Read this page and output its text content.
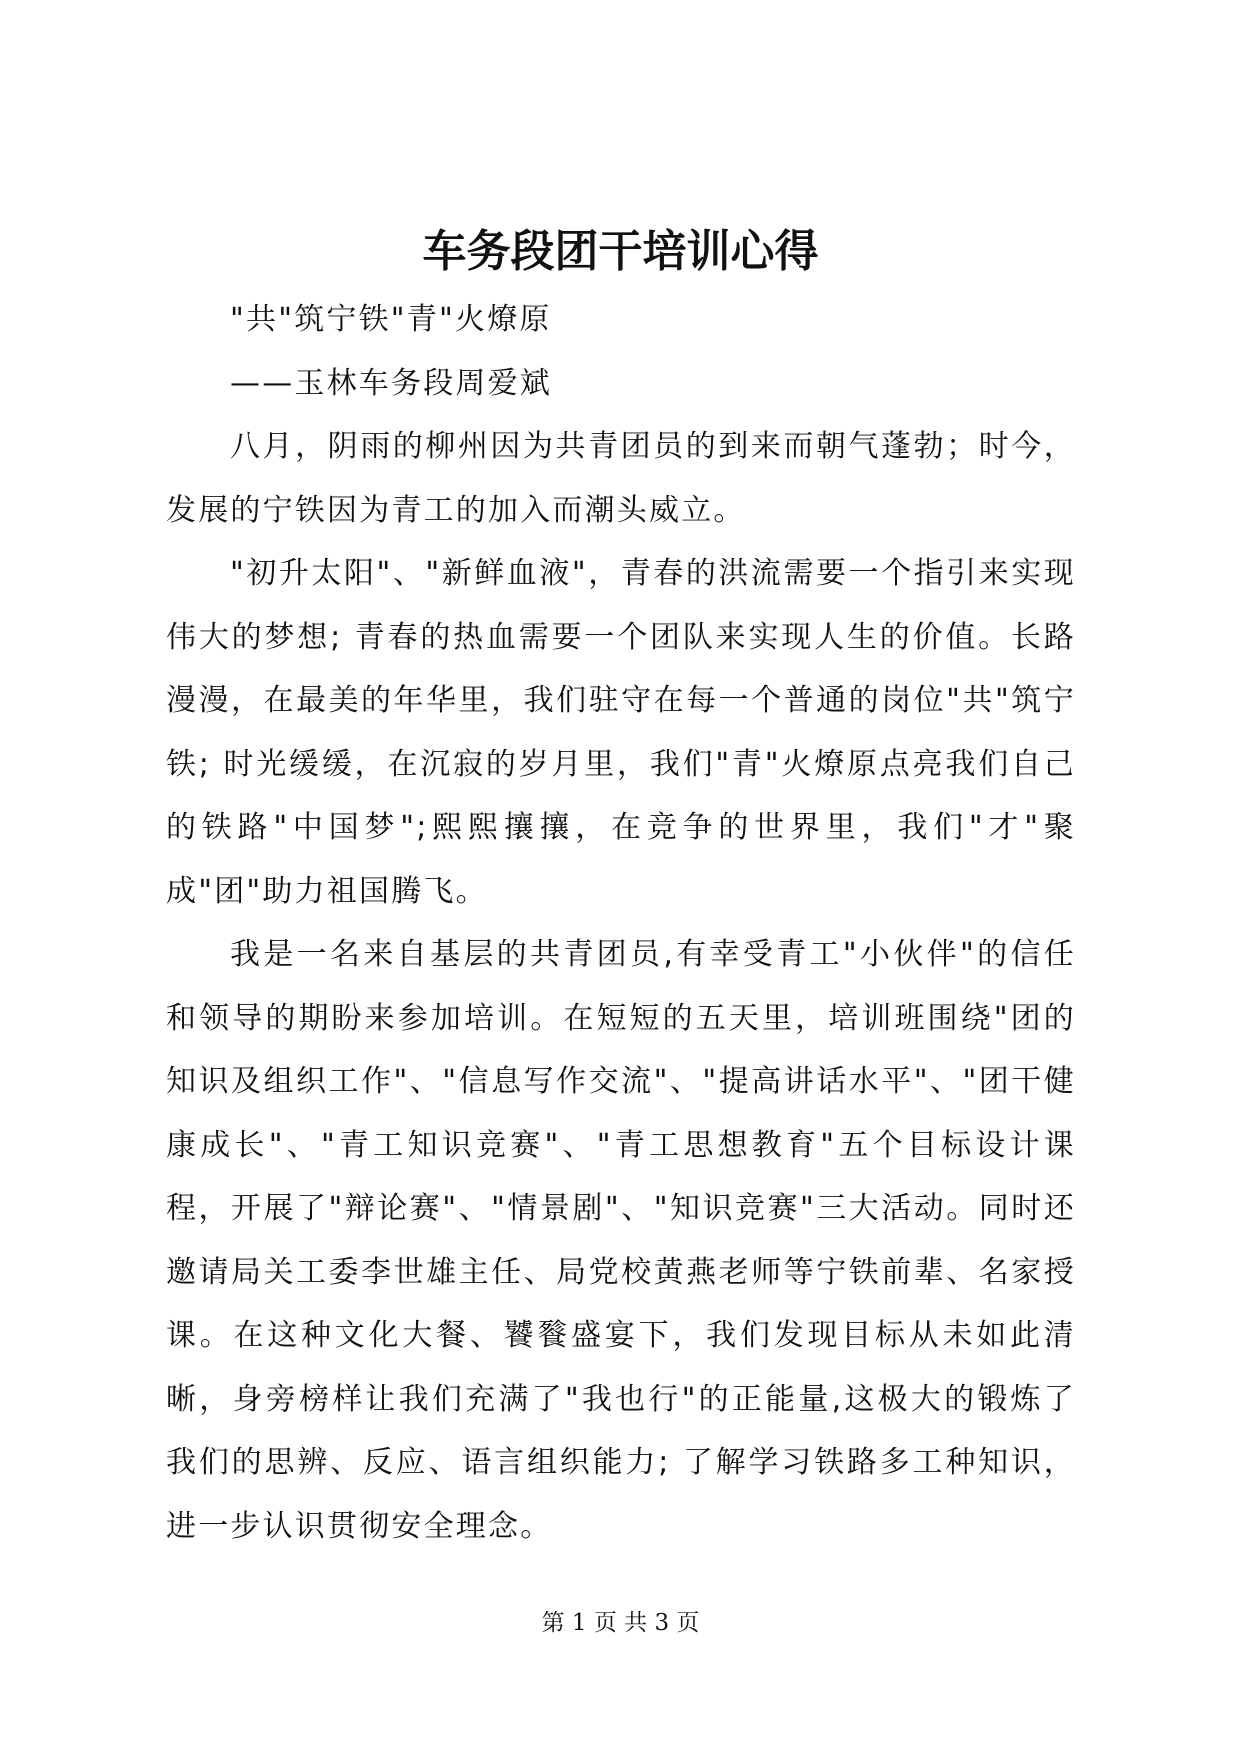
车务段团干培训心得

"共"筑宁铁"青"火燎原

——玉林车务段周爱斌

八月，阴雨的柳州因为共青团员的到来而朝气蓬勃；时今，发展的宁铁因为青工的加入而潮头威立。

"初升太阳"、"新鲜血液"，青春的洪流需要一个指引来实现伟大的梦想; 青春的热血需要一个团队来实现人生的价值。长路漫漫，在最美的年华里，我们驻守在每一个普通的岗位"共"筑宁铁; 时光缓缓，在沉寂的岁月里，我们"青"火燎原点亮我们自己的铁路"中国梦";熙熙攘攘，在竞争的世界里，我们"才"聚成"团"助力祖国腾飞。

我是一名来自基层的共青团员,有幸受青工"小伙伴"的信任和领导的期盼来参加培训。在短短的五天里，培训班围绕"团的知识及组织工作"、"信息写作交流"、"提高讲话水平"、"团干健康成长"、"青工知识竞赛"、"青工思想教育"五个目标设计课程，开展了"辩论赛"、"情景剧"、"知识竞赛"三大活动。同时还邀请局关工委李世雄主任、局党校黄燕老师等宁铁前辈、名家授课。在这种文化大餐、饕餮盛宴下，我们发现目标从未如此清晰，身旁榜样让我们充满了"我也行"的正能量,这极大的锻炼了我们的思辨、反应、语言组织能力; 了解学习铁路多工种知识，进一步认识贯彻安全理念。

第 1 页 共 3 页
